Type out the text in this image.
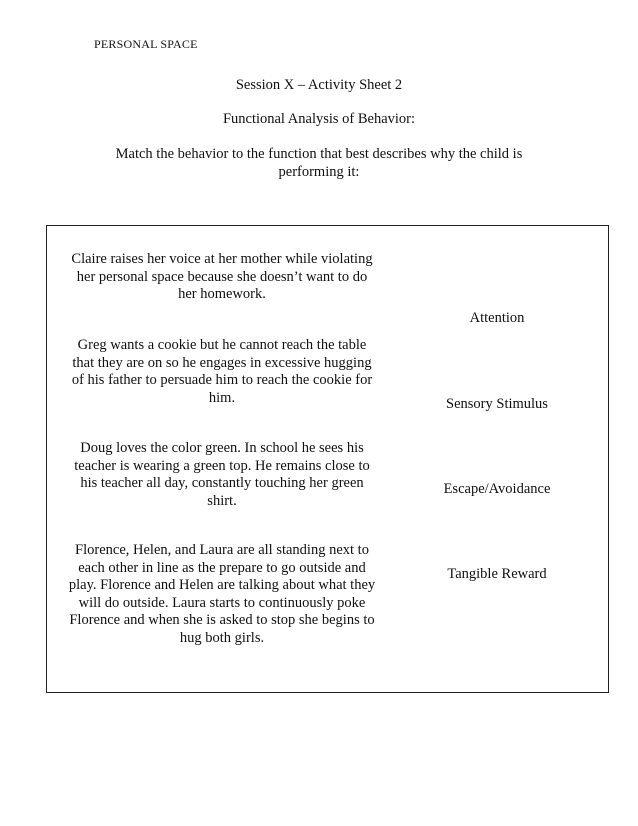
PERSONAL SPACE
Session X – Activity Sheet 2
Functional Analysis of Behavior:
Match the behavior to the function that best describes why the child is performing it:
Claire raises her voice at her mother while violating her personal space because she doesn’t want to do her homework.
Greg wants a cookie but he cannot reach the table that they are on so he engages in excessive hugging of his father to persuade him to reach the cookie for him.
Doug loves the color green. In school he sees his teacher is wearing a green top. He remains close to his teacher all day, constantly touching her green shirt.
Florence, Helen, and Laura are all standing next to each other in line as the prepare to go outside and play. Florence and Helen are talking about what they will do outside. Laura starts to continuously poke Florence and when she is asked to stop she begins to hug both girls.
Attention
Sensory Stimulus
Escape/Avoidance
Tangible Reward
